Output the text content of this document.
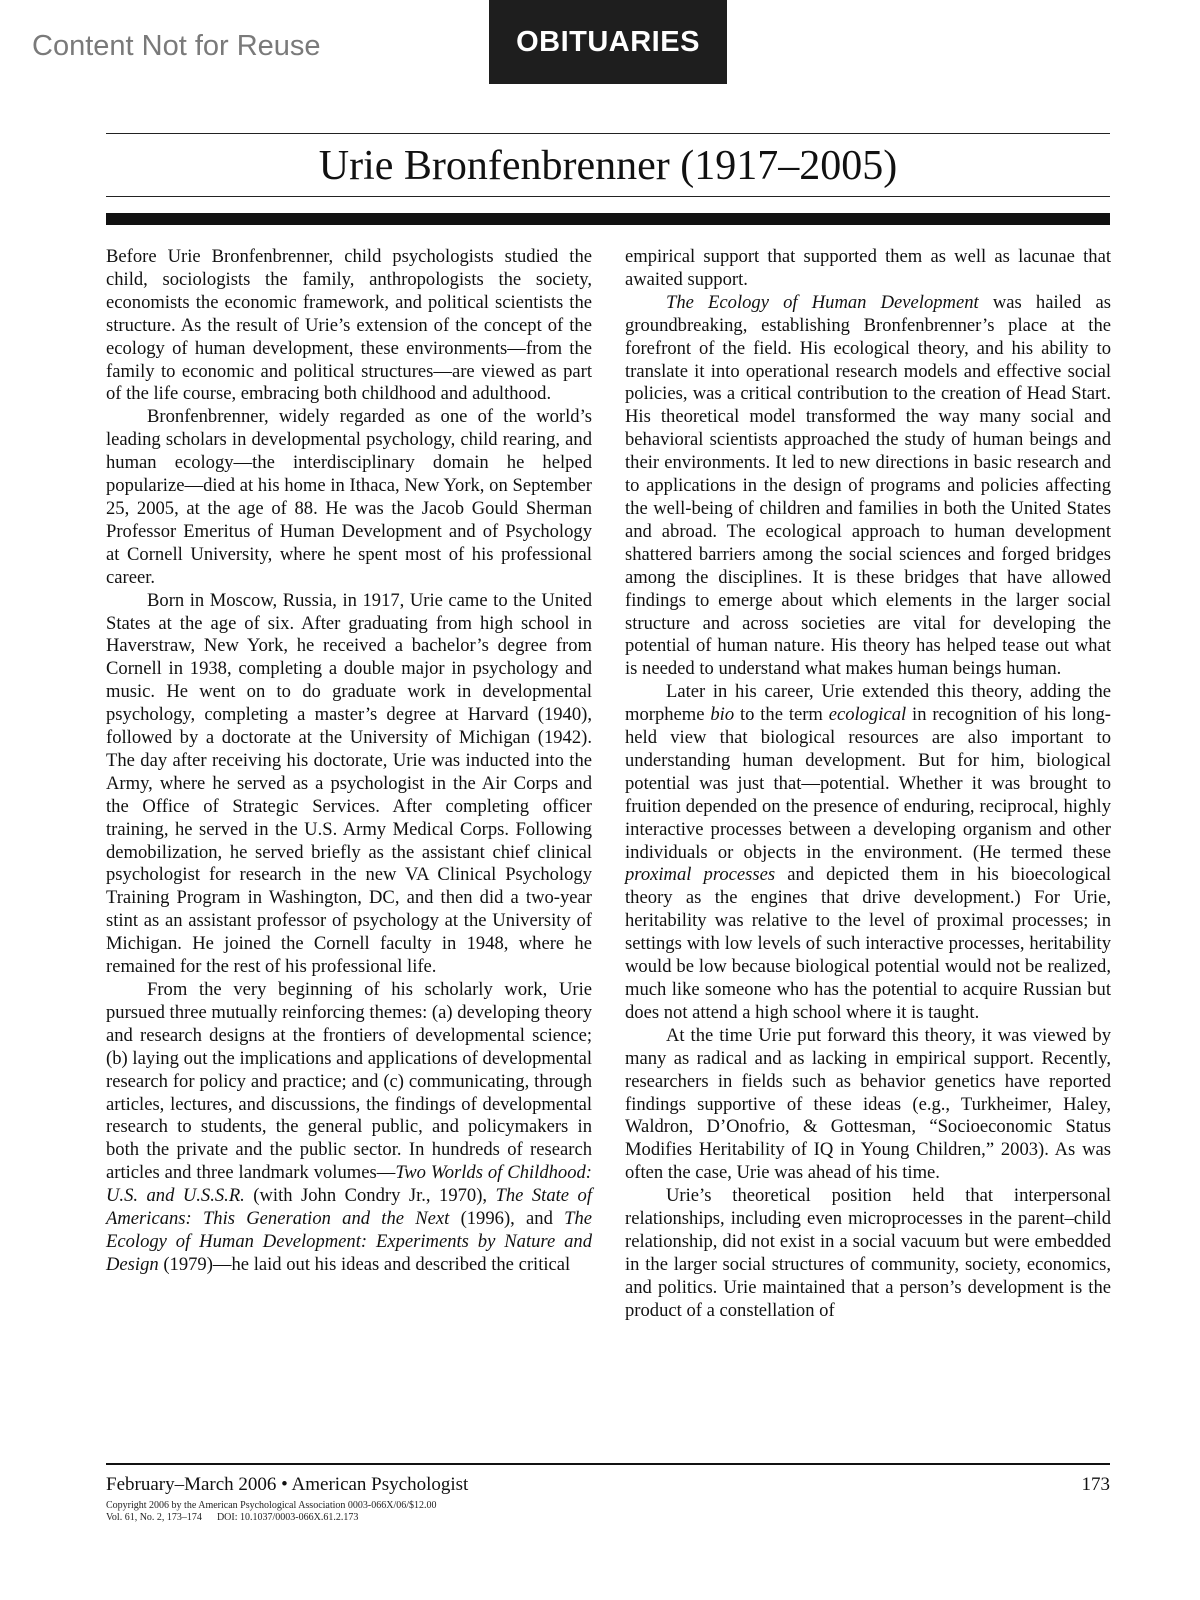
Content Not for Reuse	OBITUARIES
Urie Bronfenbrenner (1917–2005)

Before Urie Bronfenbrenner, child psychologists studied the child, sociologists the family, anthropologists the society, economists the economic framework, and political scientists the structure. As the result of Urie’s extension of the concept of the ecology of human development, these environments—from the family to economic and political structures—are viewed as part of the life course, embracing both childhood and adulthood.

Bronfenbrenner, widely regarded as one of the world’s leading scholars in developmental psychology, child rearing, and human ecology—the interdisciplinary domain he helped popularize—died at his home in Ithaca, New York, on September 25, 2005, at the age of 88. He was the Jacob Gould Sherman Professor Emeritus of Human Development and of Psychology at Cornell University, where he spent most of his professional career.

Born in Moscow, Russia, in 1917, Urie came to the United States at the age of six. After graduating from high school in Haverstraw, New York, he received a bachelor’s degree from Cornell in 1938, completing a double major in psychology and music. He went on to do graduate work in developmental psychology, completing a master’s degree at Harvard (1940), followed by a doctorate at the University of Michigan (1942). The day after receiving his doctorate, Urie was inducted into the Army, where he served as a psychologist in the Air Corps and the Office of Strategic Services. After completing officer training, he served in the U.S. Army Medical Corps. Following demobilization, he served briefly as the assistant chief clinical psychologist for research in the new VA Clinical Psychology Training Program in Washington, DC, and then did a two-year stint as an assistant professor of psychology at the University of Michigan. He joined the Cornell faculty in 1948, where he remained for the rest of his professional life.

From the very beginning of his scholarly work, Urie pursued three mutually reinforcing themes: (a) developing theory and research designs at the frontiers of developmental science; (b) laying out the implications and applications of developmental research for policy and practice; and (c) communicating, through articles, lectures, and discussions, the findings of developmental research to students, the general public, and policymakers in both the private and the public sector. In hundreds of research articles and three landmark volumes—Two Worlds of Childhood: U.S. and U.S.S.R. (with John Condry Jr., 1970), The State of Americans: This Generation and the Next (1996), and The Ecology of Human Development: Experiments by Nature and Design (1979)—he laid out his ideas and described the critical

empirical support that supported them as well as lacunae that awaited support.

The Ecology of Human Development was hailed as groundbreaking, establishing Bronfenbrenner’s place at the forefront of the field. His ecological theory, and his ability to translate it into operational research models and effective social policies, was a critical contribution to the creation of Head Start. His theoretical model transformed the way many social and behavioral scientists approached the study of human beings and their environments. It led to new directions in basic research and to applications in the design of programs and policies affecting the well-being of children and families in both the United States and abroad. The ecological approach to human development shattered barriers among the social sciences and forged bridges among the disciplines. It is these bridges that have allowed findings to emerge about which elements in the larger social structure and across societies are vital for developing the potential of human nature. His theory has helped tease out what is needed to understand what makes human beings human.

Later in his career, Urie extended this theory, adding the morpheme bio to the term ecological in recognition of his long-held view that biological resources are also important to understanding human development. But for him, biological potential was just that—potential. Whether it was brought to fruition depended on the presence of enduring, reciprocal, highly interactive processes between a developing organism and other individuals or objects in the environment. (He termed these proximal processes and depicted them in his bioecological theory as the engines that drive development.) For Urie, heritability was relative to the level of proximal processes; in settings with low levels of such interactive processes, heritability would be low because biological potential would not be realized, much like someone who has the potential to acquire Russian but does not attend a high school where it is taught.

At the time Urie put forward this theory, it was viewed by many as radical and as lacking in empirical support. Recently, researchers in fields such as behavior genetics have reported findings supportive of these ideas (e.g., Turkheimer, Haley, Waldron, D’Onofrio, & Gottesman, “Socioeconomic Status Modifies Heritability of IQ in Young Children,” 2003). As was often the case, Urie was ahead of his time.

Urie’s theoretical position held that interpersonal relationships, including even microprocesses in the parent–child relationship, did not exist in a social vacuum but were embedded in the larger social structures of community, society, economics, and politics. Urie maintained that a person’s development is the product of a constellation of

February–March 2006 • American Psychologist	173
Copyright 2006 by the American Psychological Association 0003-066X/06/$12.00
Vol. 61, No. 2, 173–174 DOI: 10.1037/0003-066X.61.2.173
